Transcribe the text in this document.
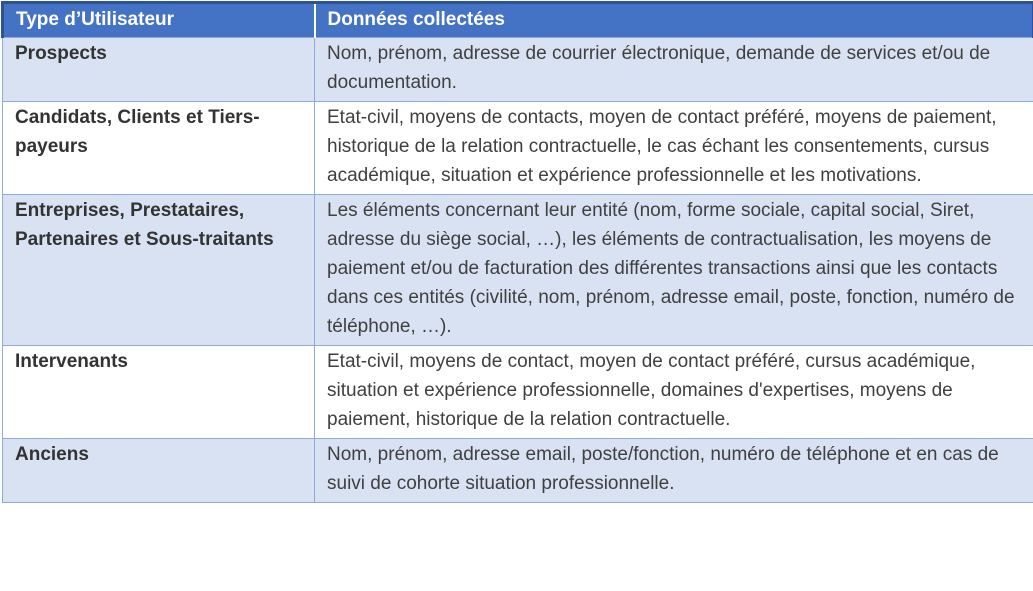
Type d’Utilisateur	Données collectées
Prospects	Nom, prénom, adresse de courrier électronique, demande de services et/ou de documentation.
Candidats, Clients et Tiers-payeurs	Etat-civil, moyens de contacts, moyen de contact préféré, moyens de paiement, historique de la relation contractuelle, le cas échant les consentements, cursus académique, situation et expérience professionnelle et les motivations.
Entreprises, Prestataires, Partenaires et Sous-traitants	Les éléments concernant leur entité (nom, forme sociale, capital social, Siret, adresse du siège social, …), les éléments de contractualisation, les moyens de paiement et/ou de facturation des différentes transactions ainsi que les contacts dans ces entités (civilité, nom, prénom, adresse email, poste, fonction, numéro de téléphone, …).
Intervenants	Etat-civil, moyens de contact, moyen de contact préféré, cursus académique, situation et expérience professionnelle, domaines d'expertises, moyens de paiement, historique de la relation contractuelle.
Anciens	Nom, prénom, adresse email, poste/fonction, numéro de téléphone et en cas de suivi de cohorte situation professionnelle.
